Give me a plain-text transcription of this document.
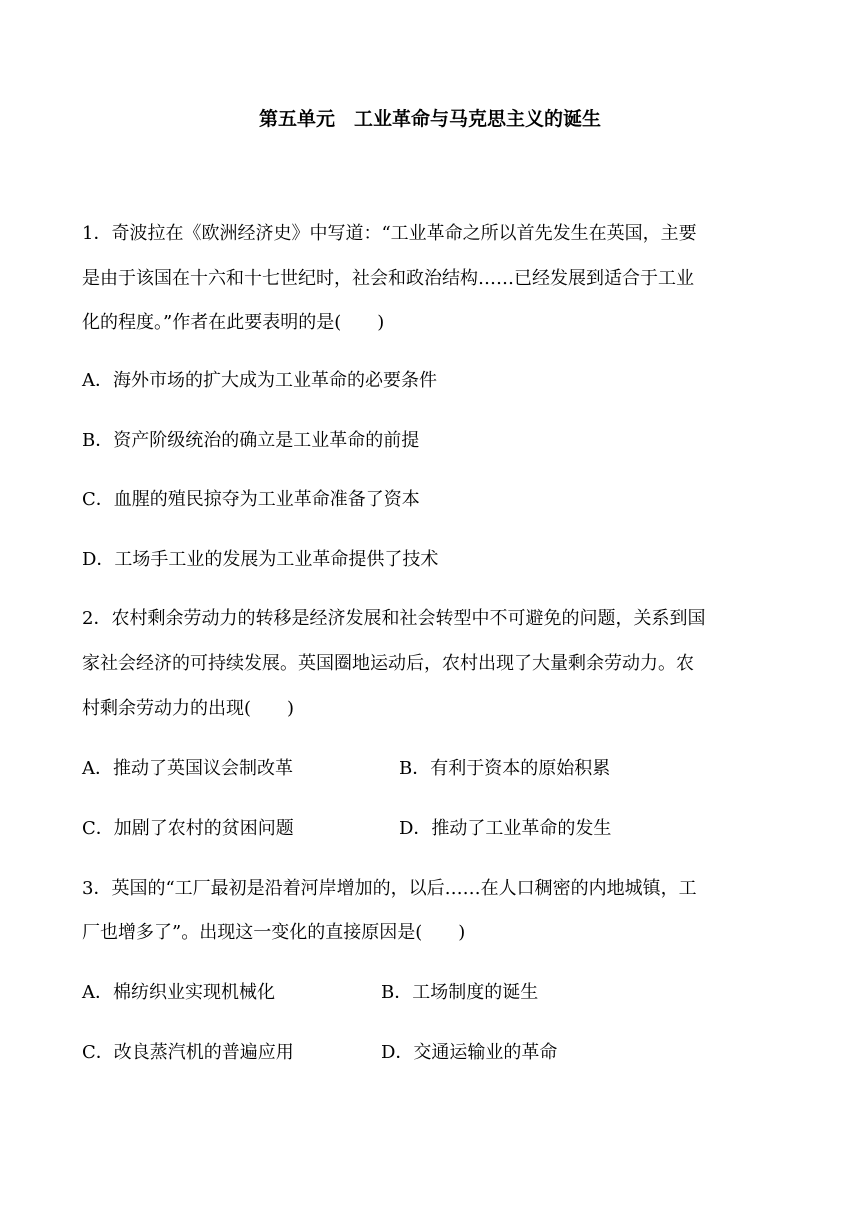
第五单元　工业革命与马克思主义的诞生
1．奇波拉在《欧洲经济史》中写道：“工业革命之所以首先发生在英国，主要
是由于该国在十六和十七世纪时，社会和政治结构……已经发展到适合于工业
化的程度。”作者在此要表明的是(　　)
A．海外市场的扩大成为工业革命的必要条件
B．资产阶级统治的确立是工业革命的前提
C．血腥的殖民掠夺为工业革命准备了资本
D．工场手工业的发展为工业革命提供了技术
2．农村剩余劳动力的转移是经济发展和社会转型中不可避免的问题，关系到国
家社会经济的可持续发展。英国圈地运动后，农村出现了大量剩余劳动力。农
村剩余劳动力的出现(　　)
A．推动了英国议会制改革	B．有利于资本的原始积累
C．加剧了农村的贫困问题	D．推动了工业革命的发生
3．英国的“工厂最初是沿着河岸增加的，以后……在人口稠密的内地城镇，工
厂也增多了”。出现这一变化的直接原因是(　　)
A．棉纺织业实现机械化	B．工场制度的诞生
C．改良蒸汽机的普遍应用	D．交通运输业的革命
